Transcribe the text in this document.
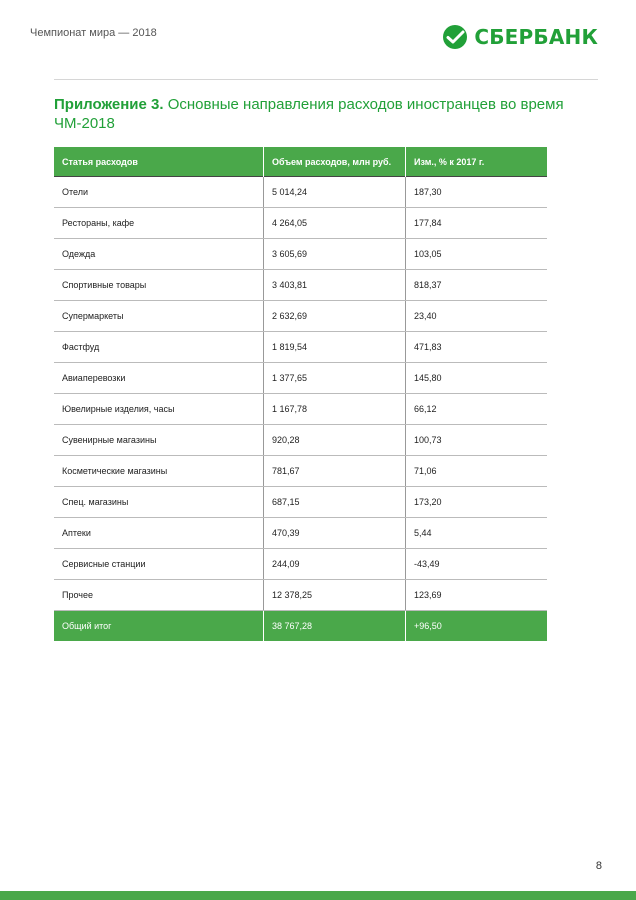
Чемпионат мира — 2018	СБЕРБАНК
Приложение 3. Основные направления расходов иностранцев во время ЧМ-2018
Статья расходов	Объем расходов, млн руб.	Изм., % к 2017 г.
Отели	5 014,24	187,30
Рестораны, кафе	4 264,05	177,84
Одежда	3 605,69	103,05
Спортивные товары	3 403,81	818,37
Супермаркеты	2 632,69	23,40
Фастфуд	1 819,54	471,83
Авиаперевозки	1 377,65	145,80
Ювелирные изделия, часы	1 167,78	66,12
Сувенирные магазины	920,28	100,73
Косметические магазины	781,67	71,06
Спец. магазины	687,15	173,20
Аптеки	470,39	5,44
Сервисные станции	244,09	-43,49
Прочее	12 378,25	123,69
Общий итог	38 767,28	+96,50
8
